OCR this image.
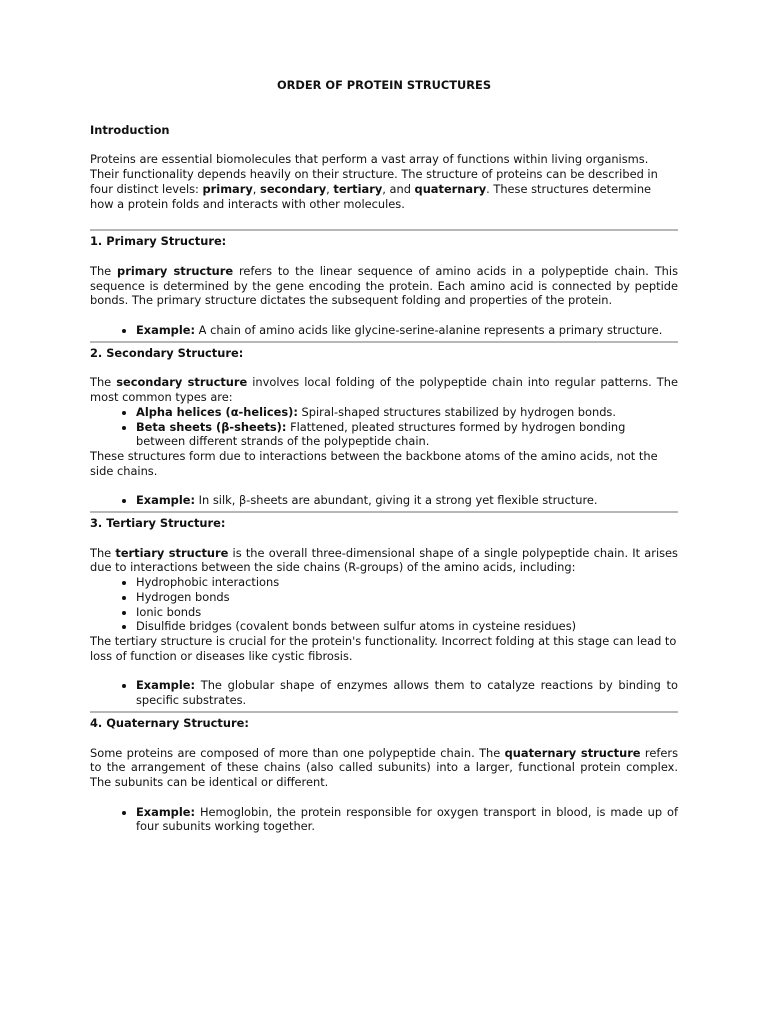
ORDER OF PROTEIN STRUCTURES
Introduction

Proteins are essential biomolecules that perform a vast array of functions within living organisms. Their functionality depends heavily on their structure. The structure of proteins can be described in four distinct levels: primary, secondary, tertiary, and quaternary. These structures determine how a protein folds and interacts with other molecules.

1. Primary Structure:

The primary structure refers to the linear sequence of amino acids in a polypeptide chain. This sequence is determined by the gene encoding the protein. Each amino acid is connected by peptide bonds. The primary structure dictates the subsequent folding and properties of the protein.

• Example: A chain of amino acids like glycine-serine-alanine represents a primary structure.
2. Secondary Structure:

The secondary structure involves local folding of the polypeptide chain into regular patterns. The most common types are:

• Alpha helices (α-helices): Spiral-shaped structures stabilized by hydrogen bonds.
• Beta sheets (β-sheets): Flattened, pleated structures formed by hydrogen bonding between different strands of the polypeptide chain.

These structures form due to interactions between the backbone atoms of the amino acids, not the side chains.

• Example: In silk, β-sheets are abundant, giving it a strong yet flexible structure.
3. Tertiary Structure:

The tertiary structure is the overall three-dimensional shape of a single polypeptide chain. It arises due to interactions between the side chains (R-groups) of the amino acids, including:

• Hydrophobic interactions
• Hydrogen bonds
• Ionic bonds
• Disulfide bridges (covalent bonds between sulfur atoms in cysteine residues)

The tertiary structure is crucial for the protein's functionality. Incorrect folding at this stage can lead to loss of function or diseases like cystic fibrosis.

• Example: The globular shape of enzymes allows them to catalyze reactions by binding to specific substrates.
4. Quaternary Structure:

Some proteins are composed of more than one polypeptide chain. The quaternary structure refers to the arrangement of these chains (also called subunits) into a larger, functional protein complex. The subunits can be identical or different.

• Example: Hemoglobin, the protein responsible for oxygen transport in blood, is made up of four subunits working together.
